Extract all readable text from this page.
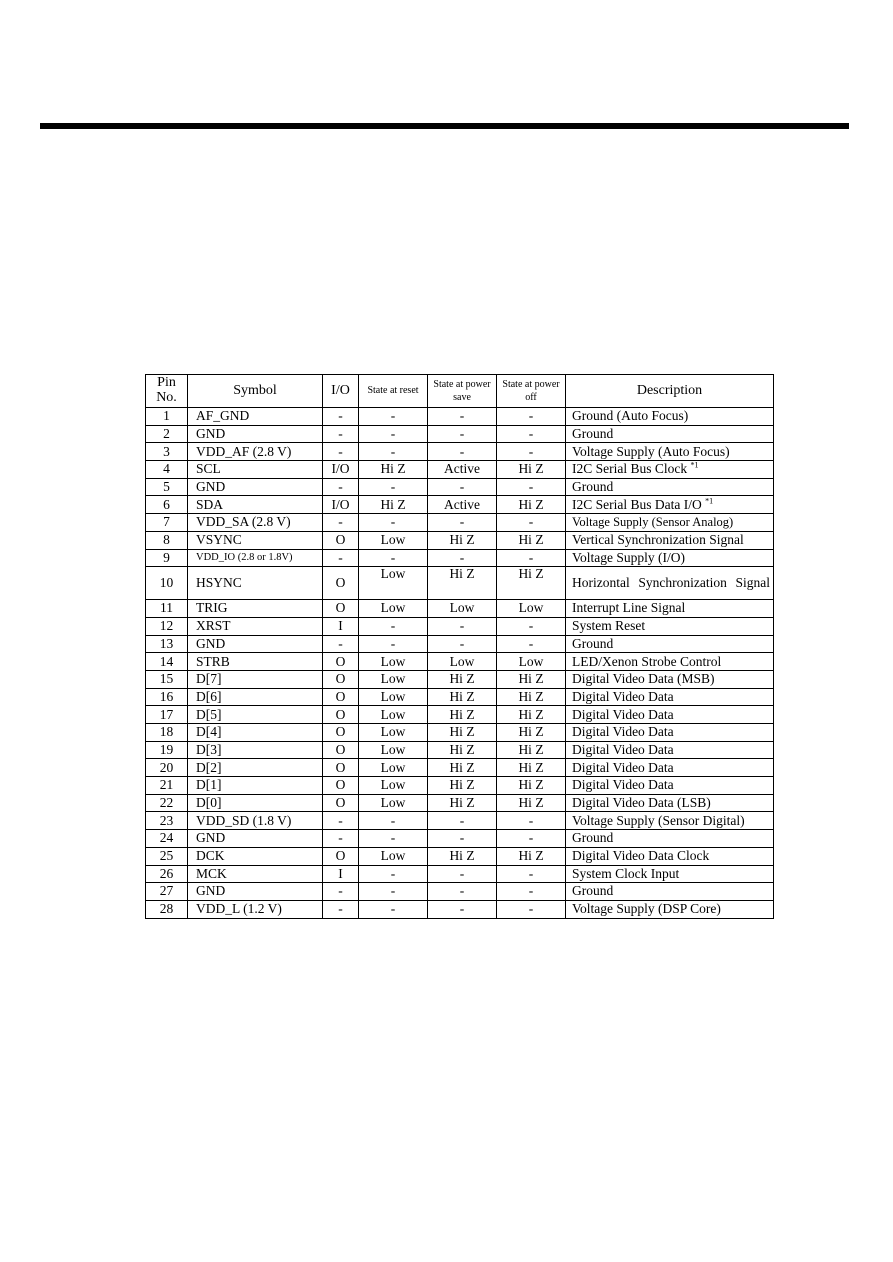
Pin No.	Symbol	I/O	State at reset	State at power save	State at power off	Description
1	AF_GND	-	-	-	-	Ground (Auto Focus)
2	GND	-	-	-	-	Ground
3	VDD_AF (2.8 V)	-	-	-	-	Voltage Supply (Auto Focus)
4	SCL	I/O	Hi Z	Active	Hi Z	I2C Serial Bus Clock $^{*1}$
5	GND	-	-	-	-	Ground
6	SDA	I/O	Hi Z	Active	Hi Z	I2C Serial Bus Data I/O $^{*1}$
7	VDD_SA (2.8 V)	-	-	-	-	Voltage Supply (Sensor Analog)
8	VSYNC	O	Low	Hi Z	Hi Z	Vertical Synchronization Signal
9	VDD_IO (2.8 or 1.8V)	-	-	-	-	Voltage Supply (I/O)
10	HSYNC	O	Low	Hi Z	Hi Z	Horizontal Synchronization Signal
11	TRIG	O	Low	Low	Low	Interrupt Line Signal
12	XRST	I	-	-	-	System Reset
13	GND	-	-	-	-	Ground
14	STRB	O	Low	Low	Low	LED/Xenon Strobe Control
15	D[7]	O	Low	Hi Z	Hi Z	Digital Video Data (MSB)
16	D[6]	O	Low	Hi Z	Hi Z	Digital Video Data
17	D[5]	O	Low	Hi Z	Hi Z	Digital Video Data
18	D[4]	O	Low	Hi Z	Hi Z	Digital Video Data
19	D[3]	O	Low	Hi Z	Hi Z	Digital Video Data
20	D[2]	O	Low	Hi Z	Hi Z	Digital Video Data
21	D[1]	O	Low	Hi Z	Hi Z	Digital Video Data
22	D[0]	O	Low	Hi Z	Hi Z	Digital Video Data (LSB)
23	VDD_SD (1.8 V)	-	-	-	-	Voltage Supply (Sensor Digital)
24	GND	-	-	-	-	Ground
25	DCK	O	Low	Hi Z	Hi Z	Digital Video Data Clock
26	MCK	I	-	-	-	System Clock Input
27	GND	-	-	-	-	Ground
28	VDD_L (1.2 V)	-	-	-	-	Voltage Supply (DSP Core)
